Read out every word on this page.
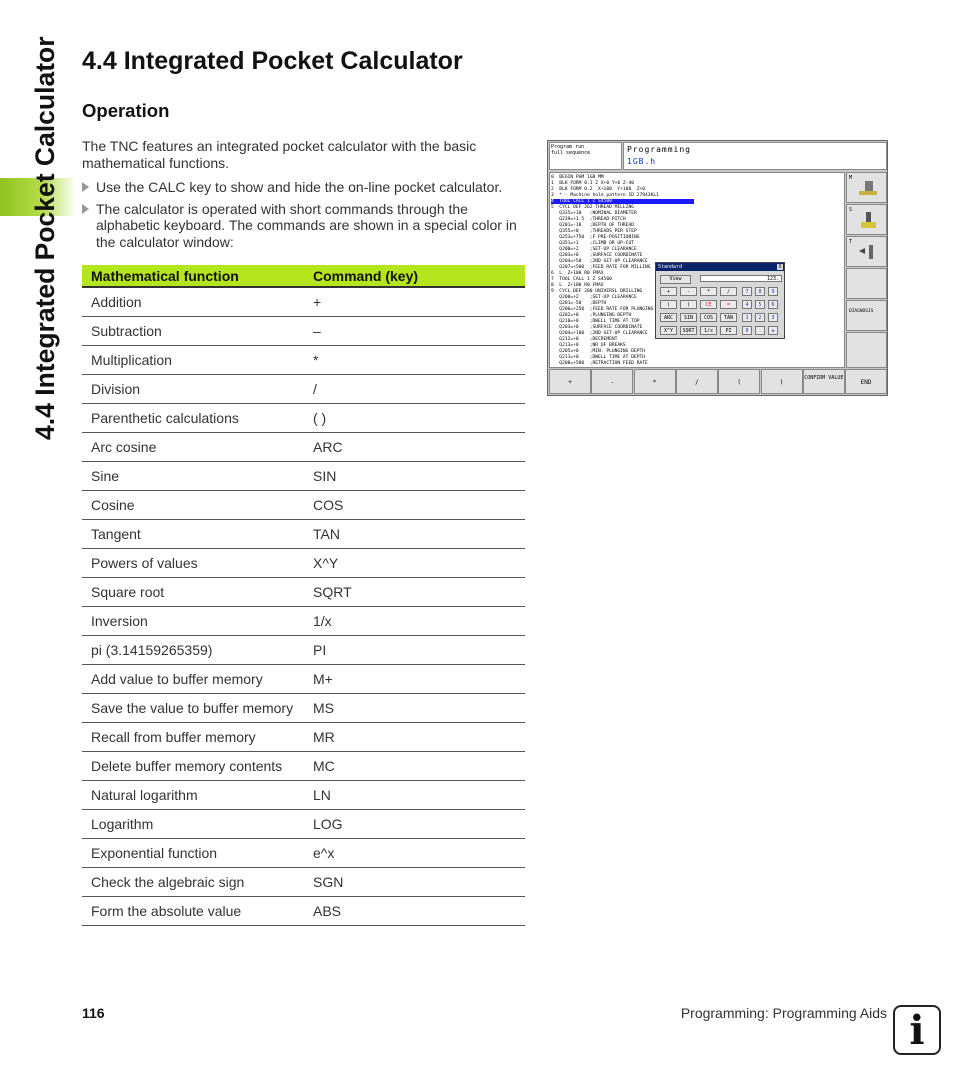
4.4 Integrated Pocket Calculator 4.4 Integrated Pocket Calculator
Operation
The TNC features an integrated pocket calculator with the basic mathematical functions.
Use the CALC key to show and hide the on-line pocket calculator.
The calculator is operated with short commands through the alphabetic keyboard. The commands are shown in a special color in the calculator window:
Mathematical function	Command (key)
Addition	+
Subtraction	–
Multiplication	*
Division	/
Parenthetic calculations	( )
Arc cosine	ARC
Sine	SIN
Cosine	COS
Tangent	TAN
Powers of values	X^Y
Square root	SQRT
Inversion	1/x
pi (3.14159265359)	PI
Add value to buffer memory	M+
Save the value to buffer memory	MS
Recall from buffer memory	MR
Delete buffer memory contents	MC
Natural logarithm	LN
Logarithm	LOG
Exponential function	e^x
Check the algebraic sign	SGN
Form the absolute value	ABS
Program run
full sequence	Programming
1GB.h
Q208=+500  ;RETRACTION FEED RATE
Q211=+0    ;DWELL TIME AT DEPTH
Q205=+0    ;MIN. PLUNGING DEPTH
Q213=+0    ;NR OF BREAKS
Q212=+0    ;DECREMENT
Q204=+100  ;2ND SET-UP CLEARANCE
Q203=+0    ;SURFACE COORDINATE
Q210=+0    ;DWELL TIME AT TOP
Q202=+0    ;PLUNGING DEPTH
Q206=+250  ;FEED RATE FOR PLUNGING
Q201=-50   ;DEPTH
Q200=+2    ;SET-UP CLEARANCE
9  CYCL DEF 200 UNIVERSL DRILLING
8  L  Z+100 R0 FMAX
7  TOOL CALL 1 Z S4500
6  L  Z+100 R0 FMAX
Q207=+500  ;FEED RATE FOR MILLING
Q204=+50   ;2ND SET-UP CLEARANCE
Q203=+0    ;SURFACE COORDINATE
Q200=+2    ;SET-UP CLEARANCE
Q351=+1    ;CLIMB OR UP-CUT
Q253=+750  ;F PRE-POSITIONING
Q355=+0    ;THREADS PER STEP
Q201=-18   ;DEPTH OF THREAD
Q239=+1.5  ;THREAD PITCH
Q335=+10   ;NOMINAL DIAMETER
5  CYCL DEF 262 THREAD MILLING
4  TOOL CALL 1 Z S4500
3  * - Machine hole pattern ID 27943KL1
2  BLK FORM 0.2  X+100  Y+100  Z+0
1  BLK FORM 0.1 Z X+0 Y+0 Z-40
0  BEGIN PGM 1GB MM
Standard	X
View	123.
+	-	*	/	7	8	9
(	)	CE	=	4	5	6
ARC	SIN	COS	TAN	1	2	3
X^Y	SQRT	1/x	PI	0	.	±
M
S
T
DIAGNOSIS
+	-	*	/	(	)
CONFIRM VALUE
END
116	Programming: Programming Aids i
